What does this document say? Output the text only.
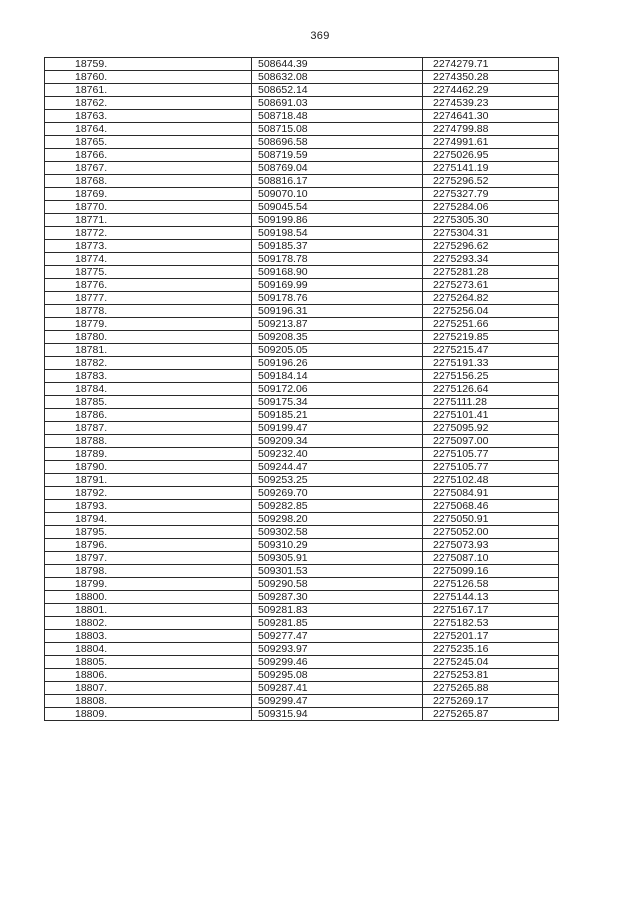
369
18759.	508644.39	2274279.71
18760.	508632.08	2274350.28
18761.	508652.14	2274462.29
18762.	508691.03	2274539.23
18763.	508718.48	2274641.30
18764.	508715.08	2274799.88
18765.	508696.58	2274991.61
18766.	508719.59	2275026.95
18767.	508769.04	2275141.19
18768.	508816.17	2275296.52
18769.	509070.10	2275327.79
18770.	509045.54	2275284.06
18771.	509199.86	2275305.30
18772.	509198.54	2275304.31
18773.	509185.37	2275296.62
18774.	509178.78	2275293.34
18775.	509168.90	2275281.28
18776.	509169.99	2275273.61
18777.	509178.76	2275264.82
18778.	509196.31	2275256.04
18779.	509213.87	2275251.66
18780.	509208.35	2275219.85
18781.	509205.05	2275215.47
18782.	509196.26	2275191.33
18783.	509184.14	2275156.25
18784.	509172.06	2275126.64
18785.	509175.34	2275111.28
18786.	509185.21	2275101.41
18787.	509199.47	2275095.92
18788.	509209.34	2275097.00
18789.	509232.40	2275105.77
18790.	509244.47	2275105.77
18791.	509253.25	2275102.48
18792.	509269.70	2275084.91
18793.	509282.85	2275068.46
18794.	509298.20	2275050.91
18795.	509302.58	2275052.00
18796.	509310.29	2275073.93
18797.	509305.91	2275087.10
18798.	509301.53	2275099.16
18799.	509290.58	2275126.58
18800.	509287.30	2275144.13
18801.	509281.83	2275167.17
18802.	509281.85	2275182.53
18803.	509277.47	2275201.17
18804.	509293.97	2275235.16
18805.	509299.46	2275245.04
18806.	509295.08	2275253.81
18807.	509287.41	2275265.88
18808.	509299.47	2275269.17
18809.	509315.94	2275265.87
